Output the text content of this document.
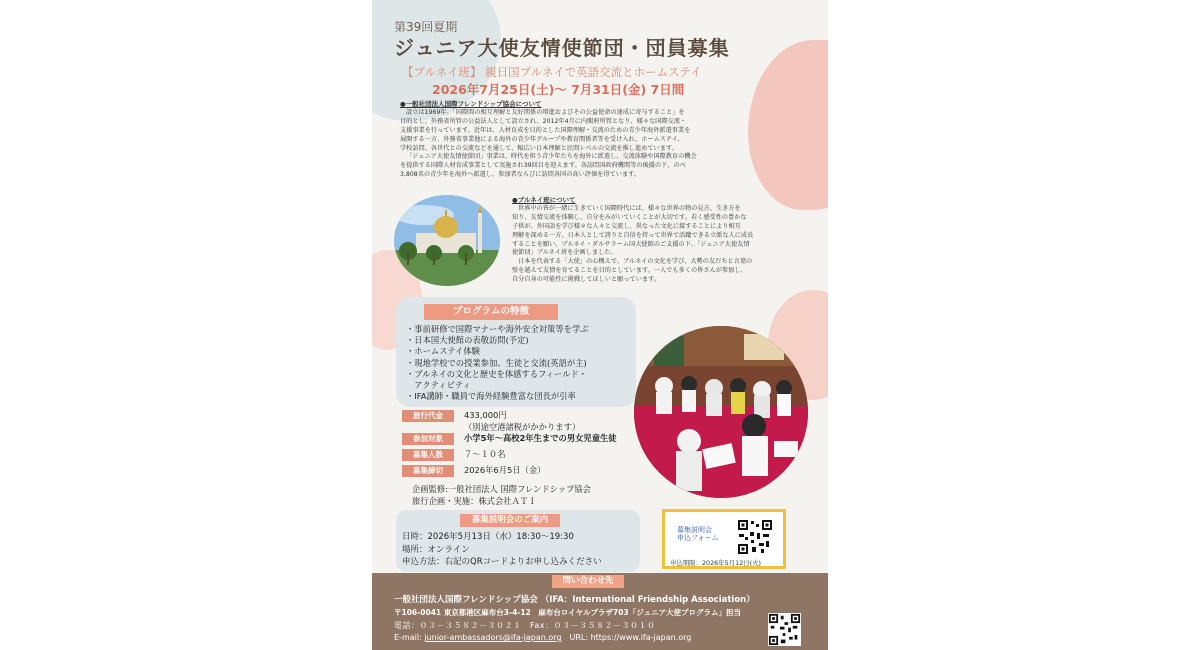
第39回夏期
ジュニア大使友情使節団・団員募集
【ブルネイ班】 親日国ブルネイで英語交流とホームステイ
2026年7月25日(土)～ 7月31日(金) 7日間
●一般社団法人国際フレンドシップ協会について

設立は1969年。「国際間の相互理解と友好関係の増進およびその公益使命の達成に寄与すること」を

目的とし、外務省所管の公益法人として設立され、2012年4月に内閣府所管となり、様々な国際交流・

支援事業を行っています。近年は、人材育成を目的とした国際理解・交流のための青少年海外派遣事業を

展開する一方、外務省事業他による海外の青少年グループや教育関係者等を受け入れ、ホームステイ、

学校訪問、各世代との交流などを通して、幅広い日本理解と民間レベルの交流を推し進めています。

「ジュニア大使友情使節団」事業は、時代を担う青少年たちを海外に派遣し、交流体験や国際教育の機会

を提供する国際人材育成事業として実施され39回目を迎えます。各訪問国政府機関等の後援の下、のべ

3,808名の青少年を海外へ派遣し、参加者ならびに訪問各国の高い評価を得ています。

●ブルネイ班について

世界中の皆が一緒に生きていく国際時代には、様々な世界の物の見方、生き方を

知り、友情交流を体験し、自分をみがいていくことが大切です。若く感受性の豊かな

子供が、外国語を学び様々な人々と交流し、異なった文化に接することにより相互

理解を深める一方、日本人として誇りと自信を持って世界で活躍できる立派な人に成長

することを願い、ブルネイ・ダルサラーム国大使館のご支援の下、「ジュニア大使友情

使節団」ブルネイ班を企画しました。

日本を代表する「大使」の心構えで、ブルネイの文化を学び、大勢の友だちと言葉の

壁を越えて友情を育てることを目的としています。一人でも多くの皆さんが参加し、

自分自身の可能性に挑戦してほしいと願っています。

プログラムの特徴
・事前研修で国際マナーや海外安全対策等を学ぶ
・日本国大使館の表敬訪問(予定)
・ホームステイ体験
・現地学校での授業参加、生徒と交流(英語が主)
・ブルネイの文化と歴史を体感するフィールド・
　アクティビティ
・IFA講師・職員で海外経験豊富な団長が引率
旅行代金	433,000円
（別途空港諸税がかかります）
参加対象	小学5年～高校2年生までの男女児童生徒
募集人数	７～１０名
募集締切	2026年6月5日（金）
企画監修:一般社団法人 国際フレンドシップ協会
旅行企画・実施：株式会社ＡＴＩ
募集説明会のご案内
日時：2026年5月13日（水）18:30～19:30
場所：オンライン
申込方法：右記のQRコードよりお申し込みください
募集説明会
申込フォーム
申込期限：2026年5月12日(火)
問い合わせ先
一般社団法人国際フレンドシップ協会 （IFA：International Friendship Association）
〒106-0041 東京都港区麻布台3-4-12　麻布台ロイヤルプラザ703「ジュニア大使プログラム」担当
電話：０３－３５８２－３０２１　Fax：０３－３５８２－３０１０
E-mail: junior-ambassadors@ifa-japan.org　URL: https://www.ifa-japan.org
